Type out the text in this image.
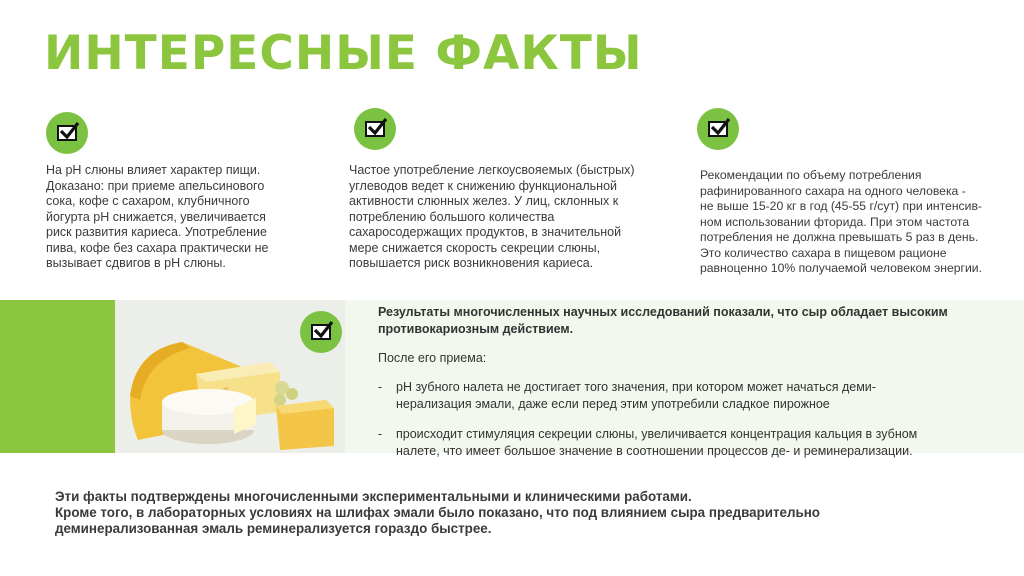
ИНТЕРЕСНЫЕ ФАКТЫ
На pH слюны влияет характер пищи.
Доказано: при приеме апельсинового
сока, кофе с сахаром, клубничного
йогурта pH снижается, увеличивается
риск развития кариеса. Употребление
пива, кофе без сахара практически не
вызывает сдвигов в pH слюны.
Частое употребление легкоусвояемых (быстрых)
углеводов ведет к снижению функциональной
активности слюнных желез. У лиц, склонных к
потреблению большого количества
сахаросодержащих продуктов, в значительной
мере снижается скорость секреции слюны,
повышается риск возникновения кариеса.
Рекомендации по объему потребления
рафинированного сахара на одного человека -
не выше 15-20 кг в год (45-55 г/сут) при интенсив-
ном использовании фторида. При этом частота
потребления не должна превышать 5 раз в день.
Это количество сахара в пищевом рационе
равноценно 10% получаемой человеком энергии.
Результаты многочисленных научных исследований показали, что сыр обладает высоким
противокариозным действием.
После его приема:
-	pH зубного налета не достигает того значения, при котором может начаться деми-
нерализация эмали, даже если перед этим употребили сладкое пирожное
-	происходит стимуляция секреции слюны, увеличивается концентрация кальция в зубном
налете, что имеет большое значение в соотношении процессов де- и реминерализации.
Эти факты подтверждены многочисленными экспериментальными и клиническими работами.
Кроме того, в лабораторных условиях на шлифах эмали было показано, что под влиянием сыра предварительно
деминерализованная эмаль реминерализуется гораздо быстрее.
